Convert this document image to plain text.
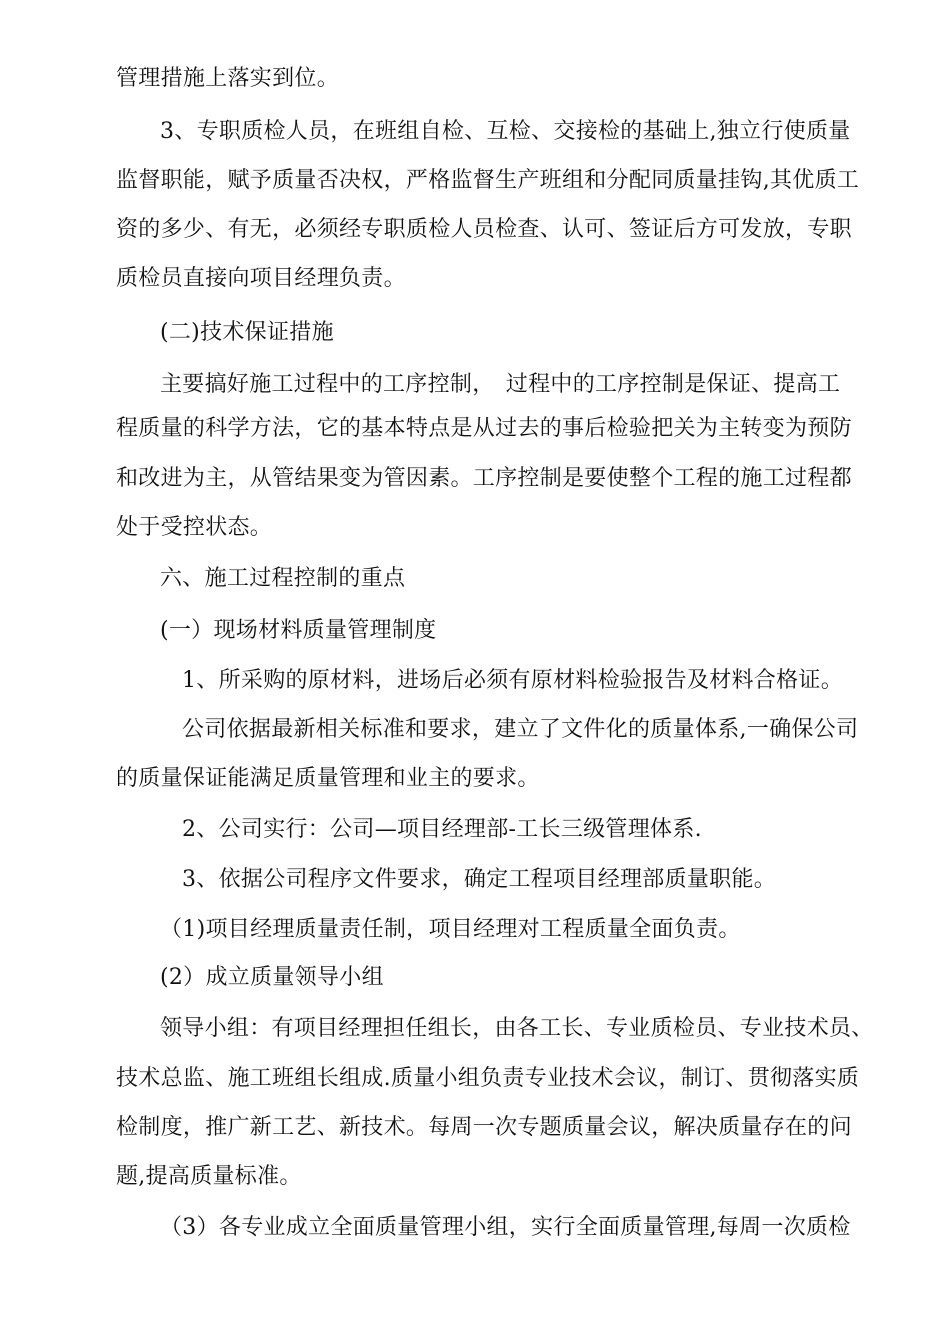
管理措施上落实到位。
3、专职质检人员，在班组自检、互检、交接检的基础上,独立行使质量
监督职能，赋予质量否决权，严格监督生产班组和分配同质量挂钩,其优质工
资的多少、有无，必须经专职质检人员检查、认可、签证后方可发放，专职
质检员直接向项目经理负责。
(二)技术保证措施
主要搞好施工过程中的工序控制，　过程中的工序控制是保证、提高工
程质量的科学方法，它的基本特点是从过去的事后检验把关为主转变为预防
和改进为主，从管结果变为管因素。工序控制是要使整个工程的施工过程都
处于受控状态。
六、施工过程控制的重点
(一）现场材料质量管理制度
1、所采购的原材料，进场后必须有原材料检验报告及材料合格证。
公司依据最新相关标准和要求，建立了文件化的质量体系,一确保公司
的质量保证能满足质量管理和业主的要求。
2、公司实行：公司—项目经理部-工长三级管理体系.
3、依据公司程序文件要求，确定工程项目经理部质量职能。
（1)项目经理质量责任制，项目经理对工程质量全面负责。
(2）成立质量领导小组
领导小组：有项目经理担任组长，由各工长、专业质检员、专业技术员、
技术总监、施工班组长组成.质量小组负责专业技术会议，制订、贯彻落实质
检制度，推广新工艺、新技术。每周一次专题质量会议，解决质量存在的问
题,提高质量标准。
（3）各专业成立全面质量管理小组，实行全面质量管理,每周一次质检
